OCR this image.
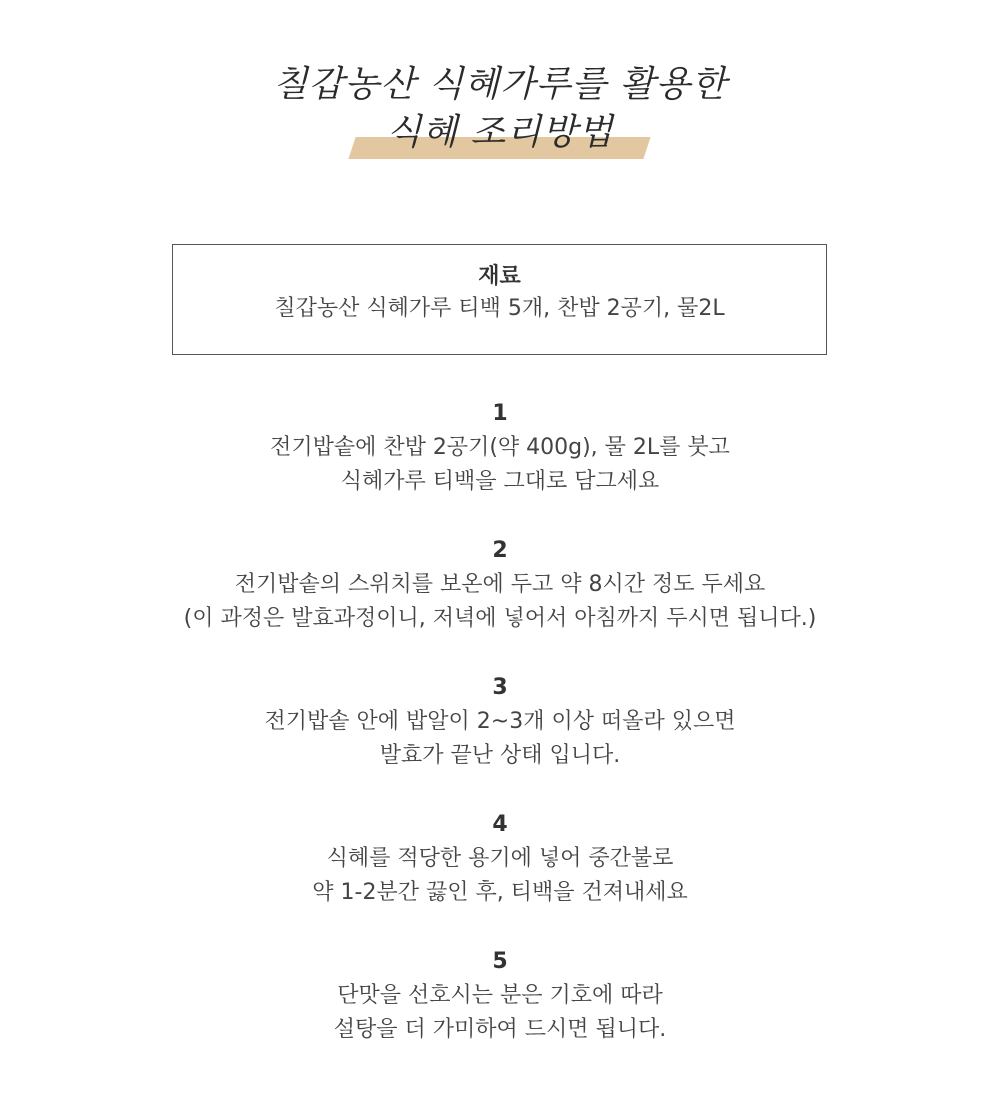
칠갑농산 식혜가루를 활용한
식혜 조리방법
재료
칠갑농산 식혜가루 티백 5개, 찬밥 2공기, 물2L
1
전기밥솥에 찬밥 2공기(약 400g), 물 2L를 붓고
식혜가루 티백을 그대로 담그세요
2
전기밥솥의 스위치를 보온에 두고 약 8시간 정도 두세요
(이 과정은 발효과정이니, 저녁에 넣어서 아침까지 두시면 됩니다.)
3
전기밥솥 안에 밥알이 2~3개 이상 떠올라 있으면
발효가 끝난 상태 입니다.
4
식혜를 적당한 용기에 넣어 중간불로
약 1-2분간 끓인 후, 티백을 건져내세요
5
단맛을 선호시는 분은 기호에 따라
설탕을 더 가미하여 드시면 됩니다.
